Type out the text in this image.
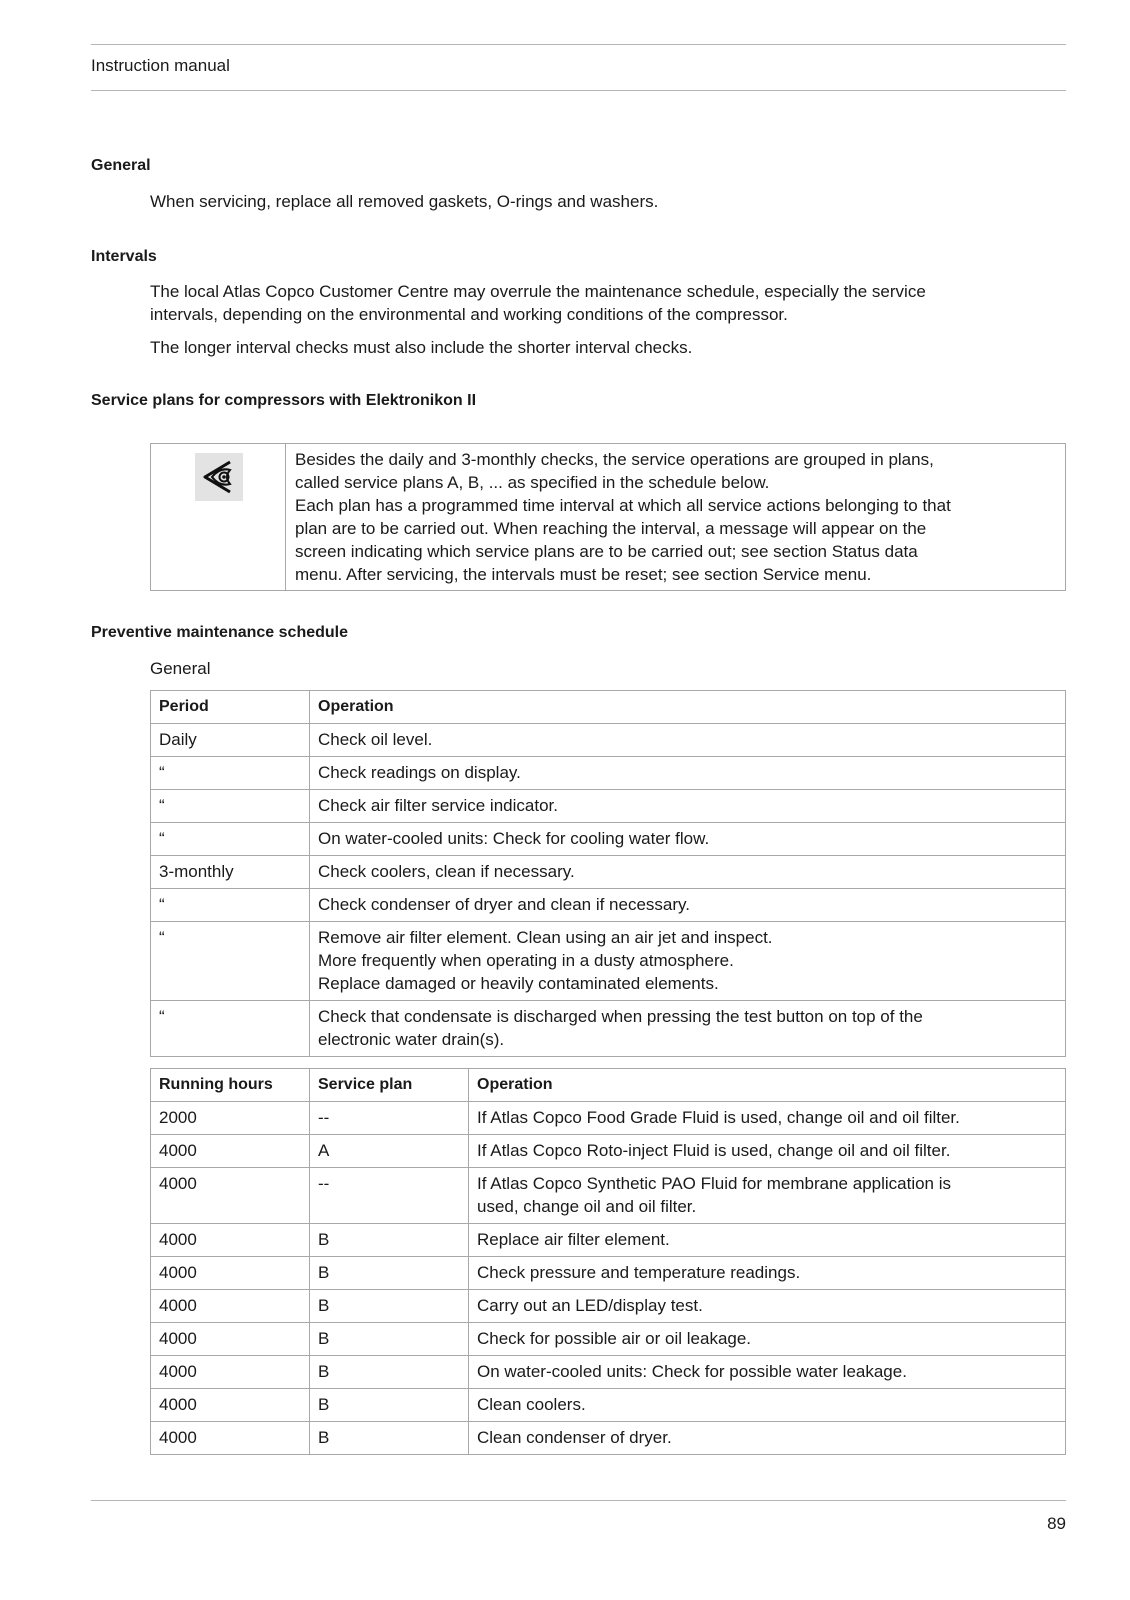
Instruction manual
General
When servicing, replace all removed gaskets, O-rings and washers.
Intervals
The local Atlas Copco Customer Centre may overrule the maintenance schedule, especially the service
intervals, depending on the environmental and working conditions of the compressor.
The longer interval checks must also include the shorter interval checks.
Service plans for compressors with Elektronikon II

Besides the daily and 3-monthly checks, the service operations are grouped in plans,
called service plans A, B, ... as specified in the schedule below.
Each plan has a programmed time interval at which all service actions belonging to that
plan are to be carried out. When reaching the interval, a message will appear on the
screen indicating which service plans are to be carried out; see section Status data
menu. After servicing, the intervals must be reset; see section Service menu.
Preventive maintenance schedule
General
Period	Operation
Daily	Check oil level.
“	Check readings on display.
“	Check air filter service indicator.
“	On water-cooled units: Check for cooling water flow.
3-monthly	Check coolers, clean if necessary.
“	Check condenser of dryer and clean if necessary.
“	Remove air filter element. Clean using an air jet and inspect.
More frequently when operating in a dusty atmosphere.
Replace damaged or heavily contaminated elements.

“	Check that condensate is discharged when pressing the test button on top of the
electronic water drain(s).
Running hours	Service plan	Operation
2000	--	If Atlas Copco Food Grade Fluid is used, change oil and oil filter.
4000	A	If Atlas Copco Roto-inject Fluid is used, change oil and oil filter.
4000	--	If Atlas Copco Synthetic PAO Fluid for membrane application is
used, change oil and oil filter.

4000	B	Replace air filter element.
4000	B	Check pressure and temperature readings.
4000	B	Carry out an LED/display test.
4000	B	Check for possible air or oil leakage.
4000	B	On water-cooled units: Check for possible water leakage.
4000	B	Clean coolers.
4000	B	Clean condenser of dryer.
89
